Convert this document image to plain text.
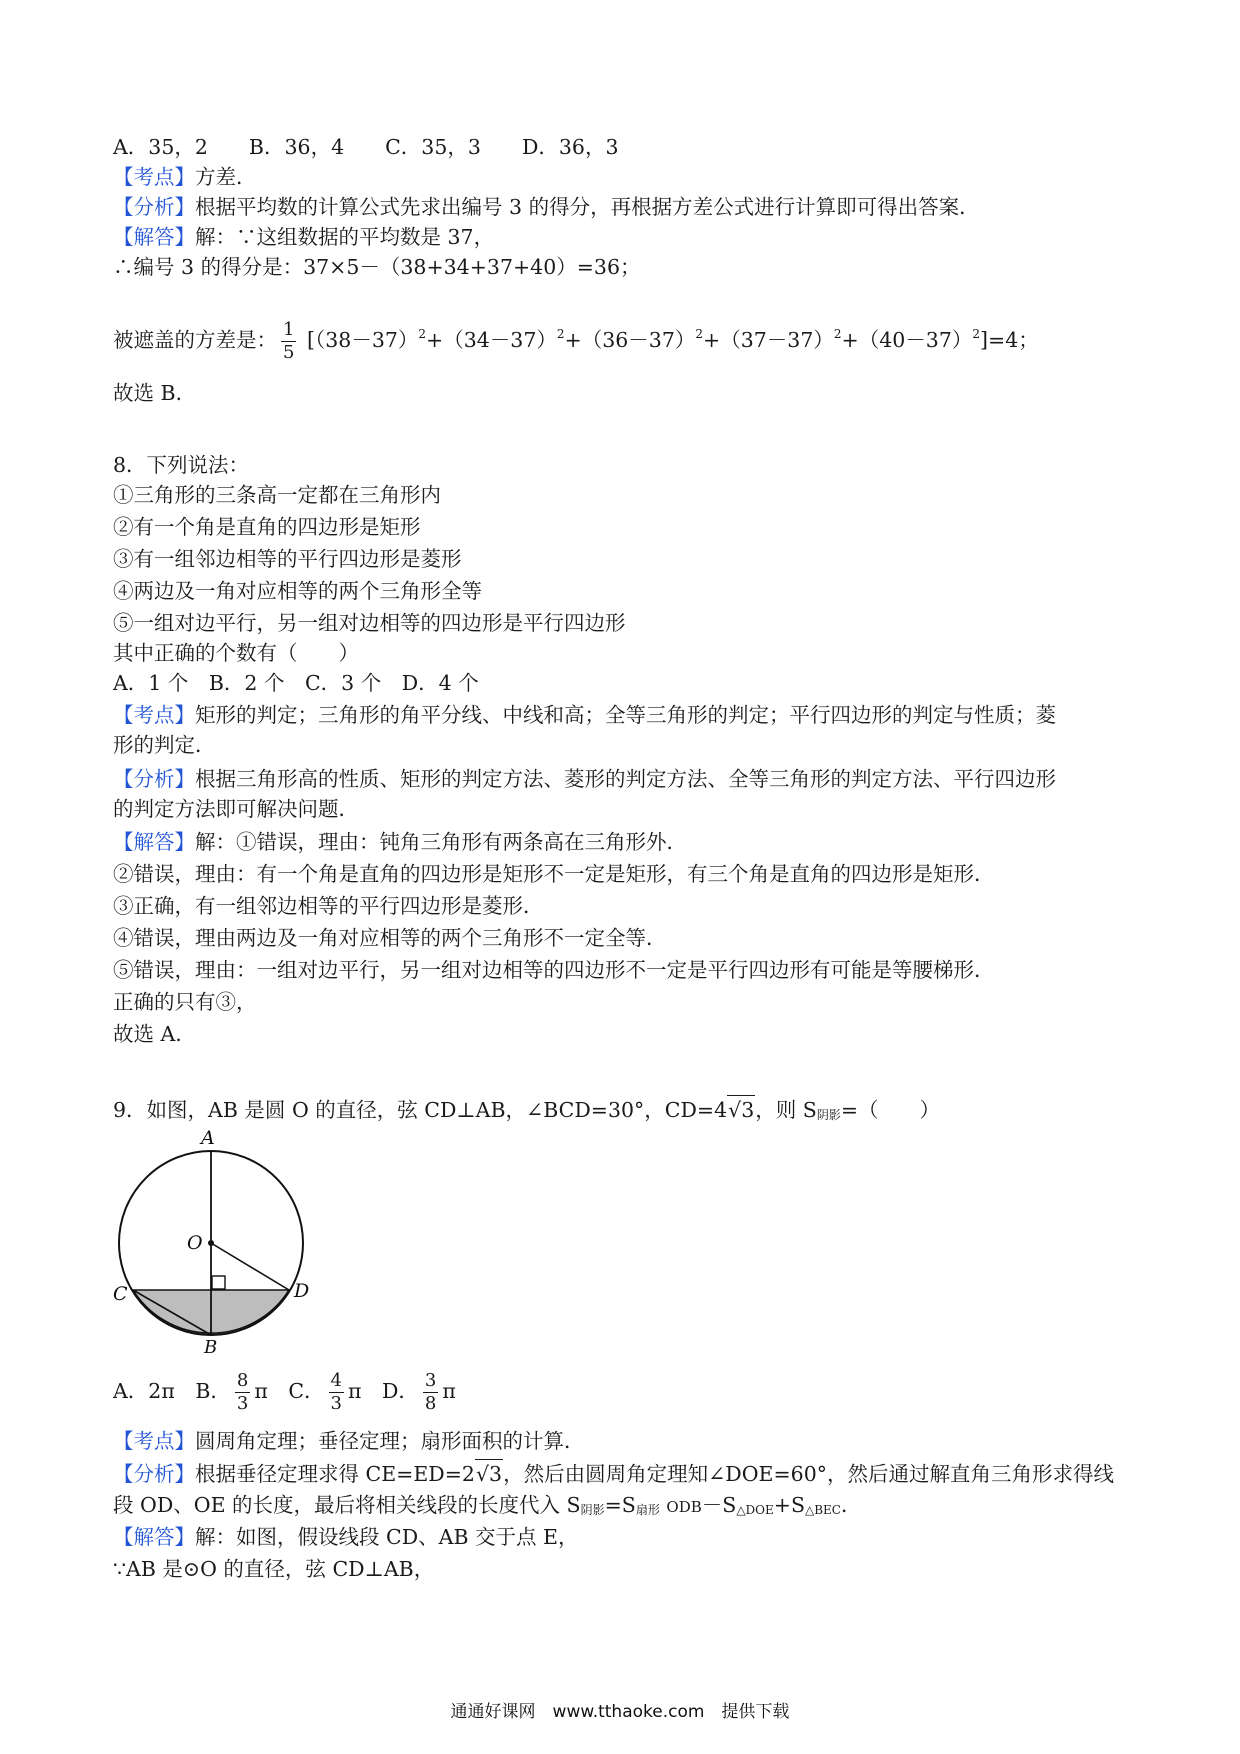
A．35，2　　B．36，4　　C．35，3　　D．36，3
【考点】方差．
【分析】根据平均数的计算公式先求出编号 3 的得分，再根据方差公式进行计算即可得出答案．
【解答】解：∵这组数据的平均数是 37，
∴编号 3 的得分是：37×5－（38+34+37+40）=36；
被遮盖的方差是： $\frac{1}{5} [(38-37)^2+(34-37)^2+(36-37)^2+(37-37)^2+(40-37)^2]=4$；
故选 B．
8．下列说法：
①三角形的三条高一定都在三角形内
②有一个角是直角的四边形是矩形
③有一组邻边相等的平行四边形是菱形
④两边及一角对应相等的两个三角形全等
⑤一组对边平行，另一组对边相等的四边形是平行四边形
其中正确的个数有（　　）
A．1 个　B．2 个　C．3 个　D．4 个
【考点】矩形的判定；三角形的角平分线、中线和高；全等三角形的判定；平行四边形的判定与性质；菱
形的判定．
【分析】根据三角形高的性质、矩形的判定方法、菱形的判定方法、全等三角形的判定方法、平行四边形
的判定方法即可解决问题．
【解答】解：①错误，理由：钝角三角形有两条高在三角形外．
②错误，理由：有一个角是直角的四边形是矩形不一定是矩形，有三个角是直角的四边形是矩形．
③正确，有一组邻边相等的平行四边形是菱形．
④错误，理由两边及一角对应相等的两个三角形不一定全等．
⑤错误，理由：一组对边平行，另一组对边相等的四边形不一定是平行四边形有可能是等腰梯形．
正确的只有③，
故选 A．
9．如图，AB 是圆 O 的直径，弦 CD⊥AB，∠BCD=30°，CD=4√3，则 S阴影=（　　）
A
O
C	D
B
A．2π　B． $\frac{8}{3}$ π　C． $\frac{4}{3}$ π　D． $\frac{3}{8}$ π
【考点】圆周角定理；垂径定理；扇形面积的计算．
【分析】根据垂径定理求得 CE=ED=2√3，然后由圆周角定理知∠DOE=60°，然后通过解直角三角形求得线
段 OD、OE 的长度，最后将相关线段的长度代入 S阴影=S扇形 ODB－S△DOE+S△BEC．
【解答】解：如图，假设线段 CD、AB 交于点 E，
∵AB 是⊙O 的直径，弦 CD⊥AB，
通通好课网　www.tthaoke.com　提供下载
